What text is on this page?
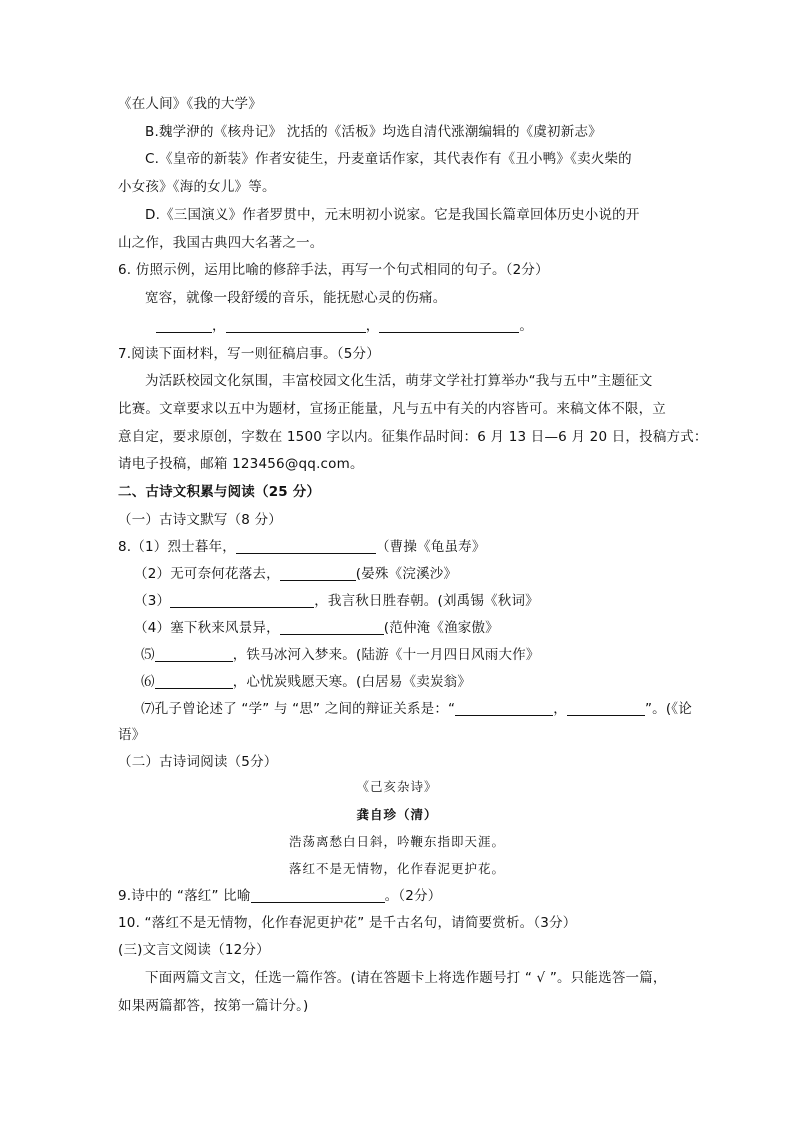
《在人间》《我的大学》
B.魏学洢的《核舟记》 沈括的《活板》均选自清代涨潮编辑的《虞初新志》
C.《皇帝的新装》作者安徒生，丹麦童话作家，其代表作有《丑小鸭》《卖火柴的
小女孩》《海的女儿》等。
D.《三国演义》作者罗贯中，元末明初小说家。它是我国长篇章回体历史小说的开
山之作，我国古典四大名著之一。
6. 仿照示例，运用比喻的修辞手法，再写一个句式相同的句子。（2分）
宽容，就像一段舒缓的音乐，能抚慰心灵的伤痛。
，	，	。
7.阅读下面材料，写一则征稿启事。（5分）
为活跃校园文化氛围，丰富校园文化生活，萌芽文学社打算举办“我与五中”主题征文
比赛。文章要求以五中为题材，宣扬正能量，凡与五中有关的内容皆可。来稿文体不限，立
意自定，要求原创，字数在 1500 字以内。征集作品时间：6 月 13 日—6 月 20 日，投稿方式：
请电子投稿，邮箱 123456@qq.com。
二、古诗文积累与阅读（25 分）
（一）古诗文默写（8 分）
8.（1）烈士暮年，	（曹操《龟虽寿》
（2）无可奈何花落去，	(晏殊《浣溪沙》
（3）	，我言秋日胜春朝。(刘禹锡《秋词》
（4）塞下秋来风景异，	(范仲淹《渔家傲》
⑸	，铁马冰河入梦来。(陆游《十一月四日风雨大作》
⑹	，心忧炭贱愿天寒。(白居易《卖炭翁》
⑺孔子曾论述了 “学” 与 “思” 之间的辩证关系是：“	，	”。(《论
语》
（二）古诗词阅读（5分）
《己亥杂诗》
龚自珍（清）
浩荡离愁白日斜，吟鞭东指即天涯。
落红不是无情物，化作春泥更护花。
9.诗中的 “落红” 比喻	。（2分）
10. “落红不是无情物，化作春泥更护花” 是千古名句，请简要赏析。（3分）
(三)文言文阅读（12分）
下面两篇文言文，任选一篇作答。(请在答题卡上将选作题号打 “ √ ”。只能选答一篇，
如果两篇都答，按第一篇计分。)
